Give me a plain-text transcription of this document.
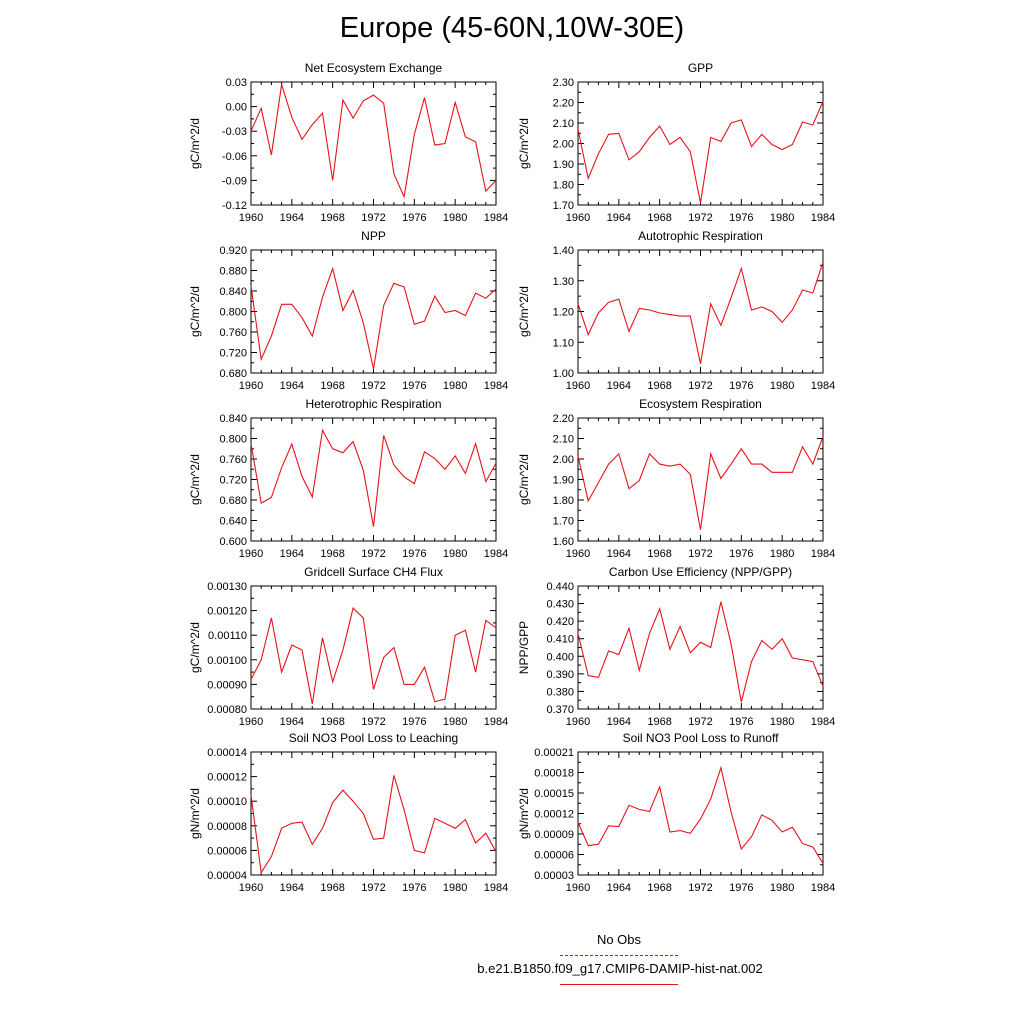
Europe (45-60N,10W-30E)
1960 1964 1968 1972 1976 1980 1984
0.03
0.00
-0.03
-0.06
-0.09
-0.12
Net Ecosystem Exchange
gC/m^2/d
1960 1964 1968 1972 1976 1980 1984
2.30
2.20
2.10
2.00
1.90
1.80
1.70
GPP
gC/m^2/d
1960 1964 1968 1972 1976 1980 1984
0.920
0.880
0.840
0.800
0.760
0.720
0.680
NPP
gC/m^2/d
1960 1964 1968 1972 1976 1980 1984
1.40
1.30
1.20
1.10
1.00
Autotrophic Respiration
gC/m^2/d
1960 1964 1968 1972 1976 1980 1984
0.840
0.800
0.760
0.720
0.680
0.640
0.600
Heterotrophic Respiration
gC/m^2/d
1960 1964 1968 1972 1976 1980 1984
2.20
2.10
2.00
1.90
1.80
1.70
1.60
Ecosystem Respiration
gC/m^2/d
1960 1964 1968 1972 1976 1980 1984
0.00130
0.00120
0.00110
0.00100
0.00090
0.00080
Gridcell Surface CH4 Flux
gC/m^2/d
1960 1964 1968 1972 1976 1980 1984
0.440
0.430
0.420
0.410
0.400
0.390
0.380
0.370
Carbon Use Efficiency (NPP/GPP)
NPP/GPP
1960 1964 1968 1972 1976 1980 1984
0.00014
0.00012
0.00010
0.00008
0.00006
0.00004
Soil NO3 Pool Loss to Leaching
gN/m^2/d
1960 1964 1968 1972 1976 1980 1984
0.00021
0.00018
0.00015
0.00012
0.00009
0.00006
0.00003
Soil NO3 Pool Loss to Runoff
gN/m^2/d
No Obs
b.e21.B1850.f09_g17.CMIP6-DAMIP-hist-nat.002
